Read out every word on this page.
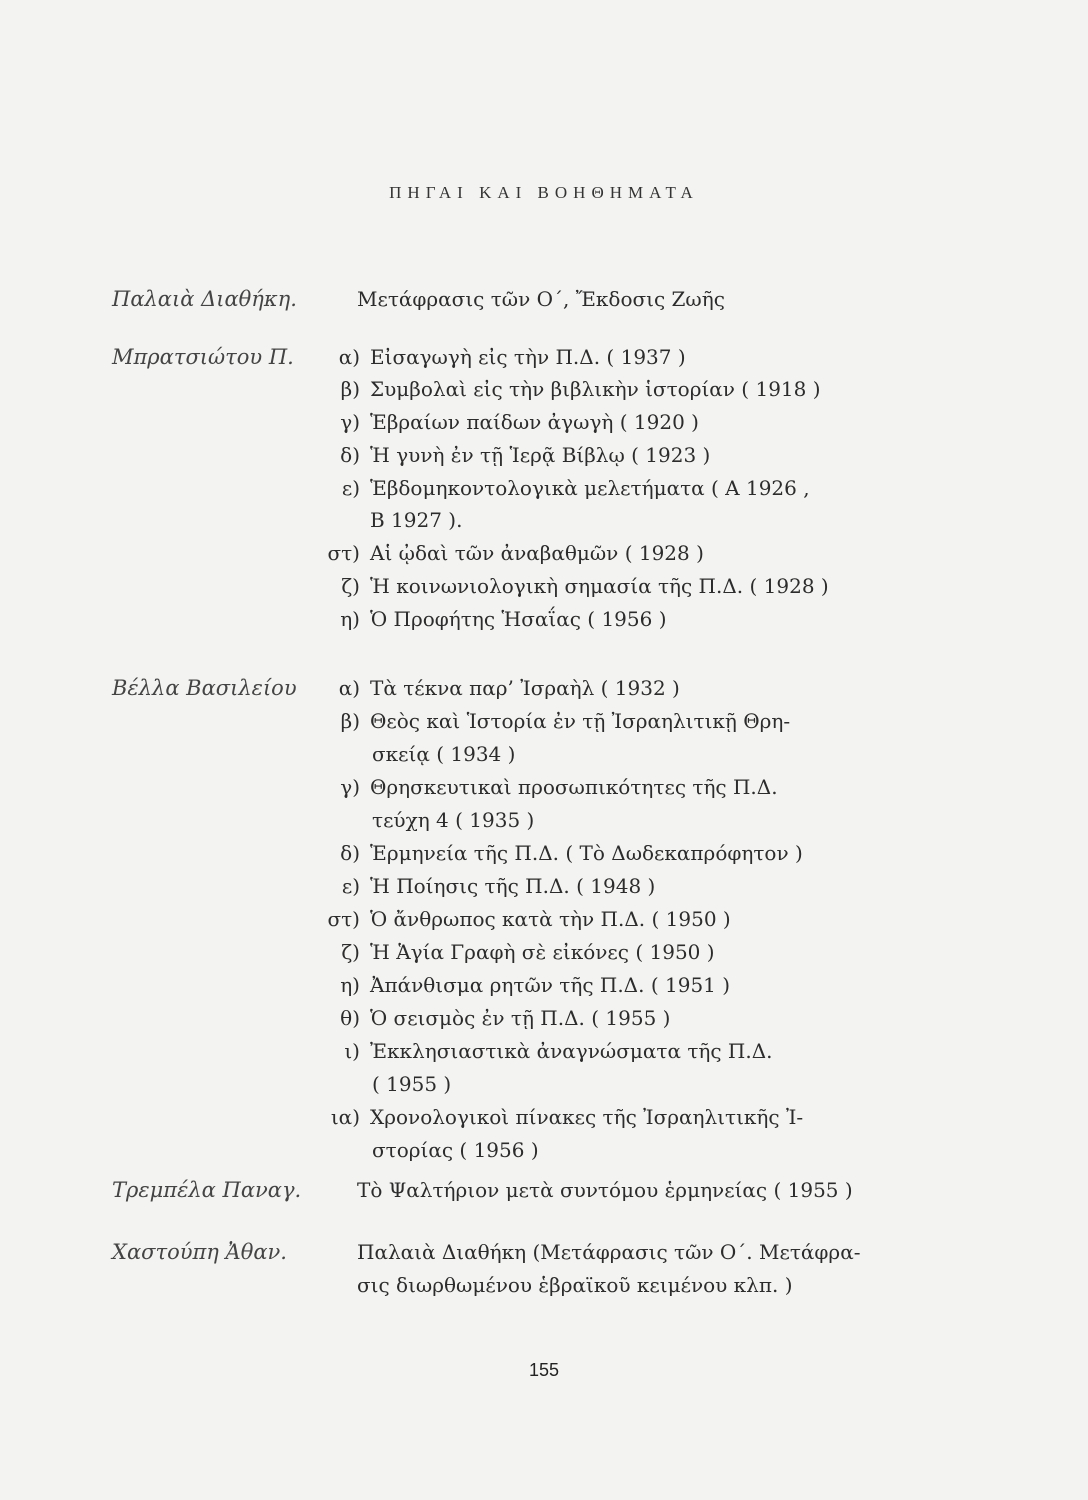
ΠΗΓΑΙ ΚΑΙ ΒΟΗΘΗΜΑΤΑ
Παλαιὰ Διαθήκη.	Μετάφρασις τῶν Ο΄, Ἔκδοσις Ζωῆς
Μπρατσιώτου Π.	α) Εἰσαγωγὴ εἰς τὴν Π.Δ. ( 1937 )
β) Συμβολαὶ εἰς τὴν βιβλικὴν ἱστορίαν ( 1918 )
γ) Ἑβραίων παίδων ἀγωγὴ ( 1920 )
δ) Ἡ γυνὴ ἐν τῇ Ἱερᾷ Βίβλῳ ( 1923 )
ε) Ἑβδομηκοντολογικὰ μελετήματα ( Α 1926 ,
Β 1927 ).
στ) Αἱ ᾠδαὶ τῶν ἀναβαθμῶν ( 1928 )
ζ) Ἡ κοινωνιολογικὴ σημασία τῆς Π.Δ. ( 1928 )
η) Ὁ Προφήτης Ἡσαΐας ( 1956 )
Βέλλα Βασιλείου	α) Τὰ τέκνα παρ’ Ἰσραὴλ ( 1932 )
β) Θεὸς καὶ Ἱστορία ἐν τῇ Ἰσραηλιτικῇ Θρη-
σκείᾳ ( 1934 )
γ) Θρησκευτικαὶ προσωπικότητες τῆς Π.Δ.
τεύχη 4 ( 1935 )
δ) Ἑρμηνεία τῆς Π.Δ. ( Τὸ Δωδεκαπρόφητον )
ε) Ἡ Ποίησις τῆς Π.Δ. ( 1948 )
στ) Ὁ ἄνθρωπος κατὰ τὴν Π.Δ. ( 1950 )
ζ) Ἡ Ἁγία Γραφὴ σὲ εἰκόνες ( 1950 )
η) Ἀπάνθισμα ρητῶν τῆς Π.Δ. ( 1951 )
θ) Ὁ σεισμὸς ἐν τῇ Π.Δ. ( 1955 )
ι) Ἐκκλησιαστικὰ ἀναγνώσματα τῆς Π.Δ.
( 1955 )
ια) Χρονολογικοὶ πίνακες τῆς Ἰσραηλιτικῆς Ἰ-
στορίας ( 1956 )
Τρεμπέλα Παναγ.	Τὸ Ψαλτήριον μετὰ συντόμου ἑρμηνείας ( 1955 )
Χαστούπη Ἀθαν.	Παλαιὰ Διαθήκη (Μετάφρασις τῶν Ο΄. Μετάφρα-
σις διωρθωμένου ἑβραϊκοῦ κειμένου κλπ. )
155
